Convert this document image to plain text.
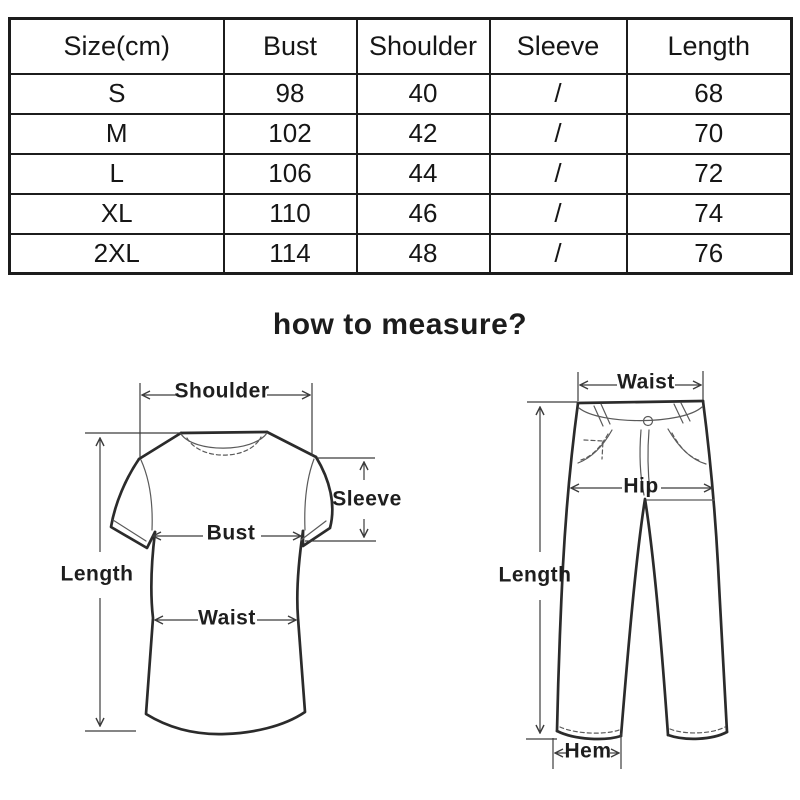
Size(cm)	Bust	Shoulder	Sleeve	Length
S	98	40	/	68
M	102	42	/	70
L	106	44	/	72
XL	110	46	/	74
2XL	114	48	/	76
how to measure?
Shoulder
Length
Sleeve
Bust
Waist
Waist
Hip
Length
Hem
